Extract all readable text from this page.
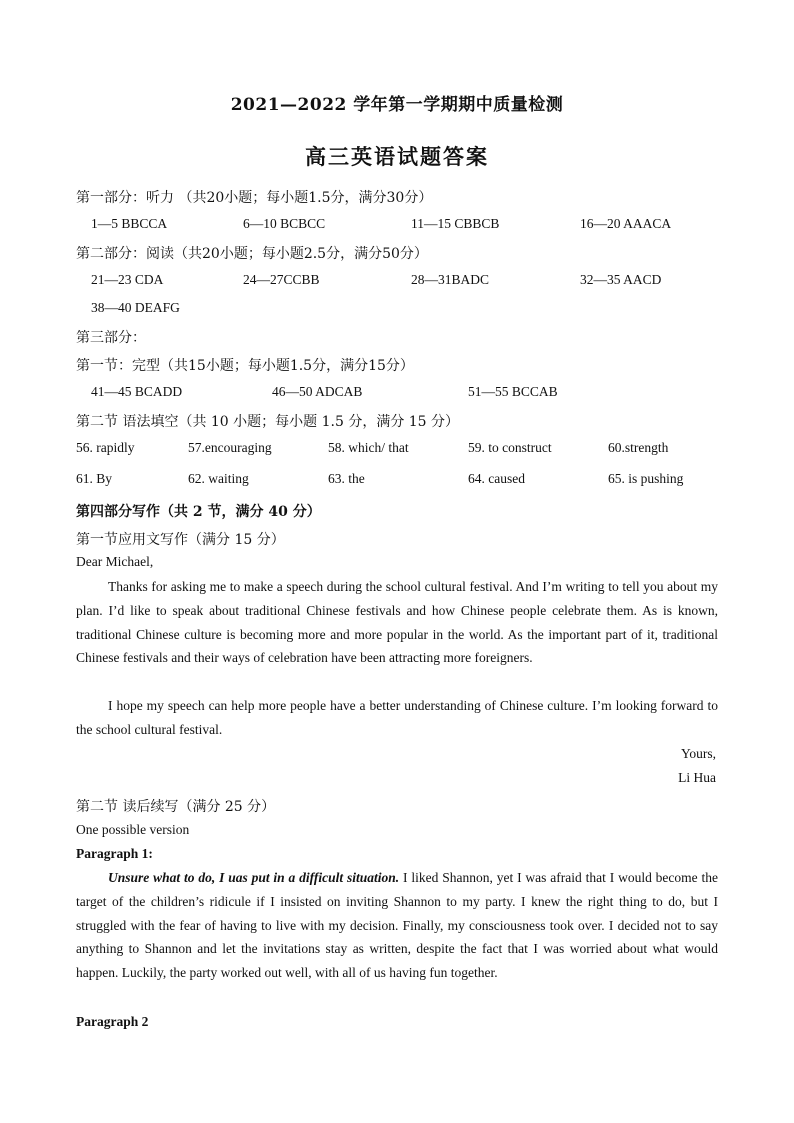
2021—2022 学年第一学期期中质量检测
高三英语试题答案
第一部分：听力 （共20小题；每小题1.5分，满分30分）
1—5 BBCCA	6—10 BCBCC	11—15 CBBCB	16—20 AAACA
第二部分：阅读（共20小题；每小题2.5分，满分50分）
21—23 CDA	24—27CCBB	28—31BADC	32—35 AACD
38—40 DEAFG
第三部分：
第一节：完型（共15小题；每小题1.5分，满分15分）
41—45 BCADD	46—50 ADCAB	51—55 BCCAB
第二节 语法填空（共 10 小题；每小题 1.5 分，满分 15 分）
56. rapidly	57.encouraging	58. which/ that	59. to construct	60.strength
61. By	62. waiting	63. the	64. caused	65. is pushing
第四部分写作（共 2 节，满分 40 分）
第一节应用文写作（满分 15 分）
Dear Michael,
Thanks for asking me to make a speech during the school cultural festival. And I’m writing to tell you about my plan. I’d like to speak about traditional Chinese festivals and how Chinese people celebrate them. As is known, traditional Chinese culture is becoming more and more popular in the world. As the important part of it, traditional Chinese festivals and their ways of celebration have been attracting more foreigners.
I hope my speech can help more people have a better understanding of Chinese culture. I’m looking forward to the school cultural festival.
Yours,
Li Hua
第二节 读后续写（满分 25 分）
One possible version
Paragraph 1:
Unsure what to do, I uas put in a difficult situation. I liked Shannon, yet I was afraid that I would become the target of the children’s ridicule if I insisted on inviting Shannon to my party. I knew the right thing to do, but I struggled with the fear of having to live with my decision. Finally, my consciousness took over. I decided not to say anything to Shannon and let the invitations stay as written, despite the fact that I was worried about what would happen. Luckily, the party worked out well, with all of us having fun together.
Paragraph 2
